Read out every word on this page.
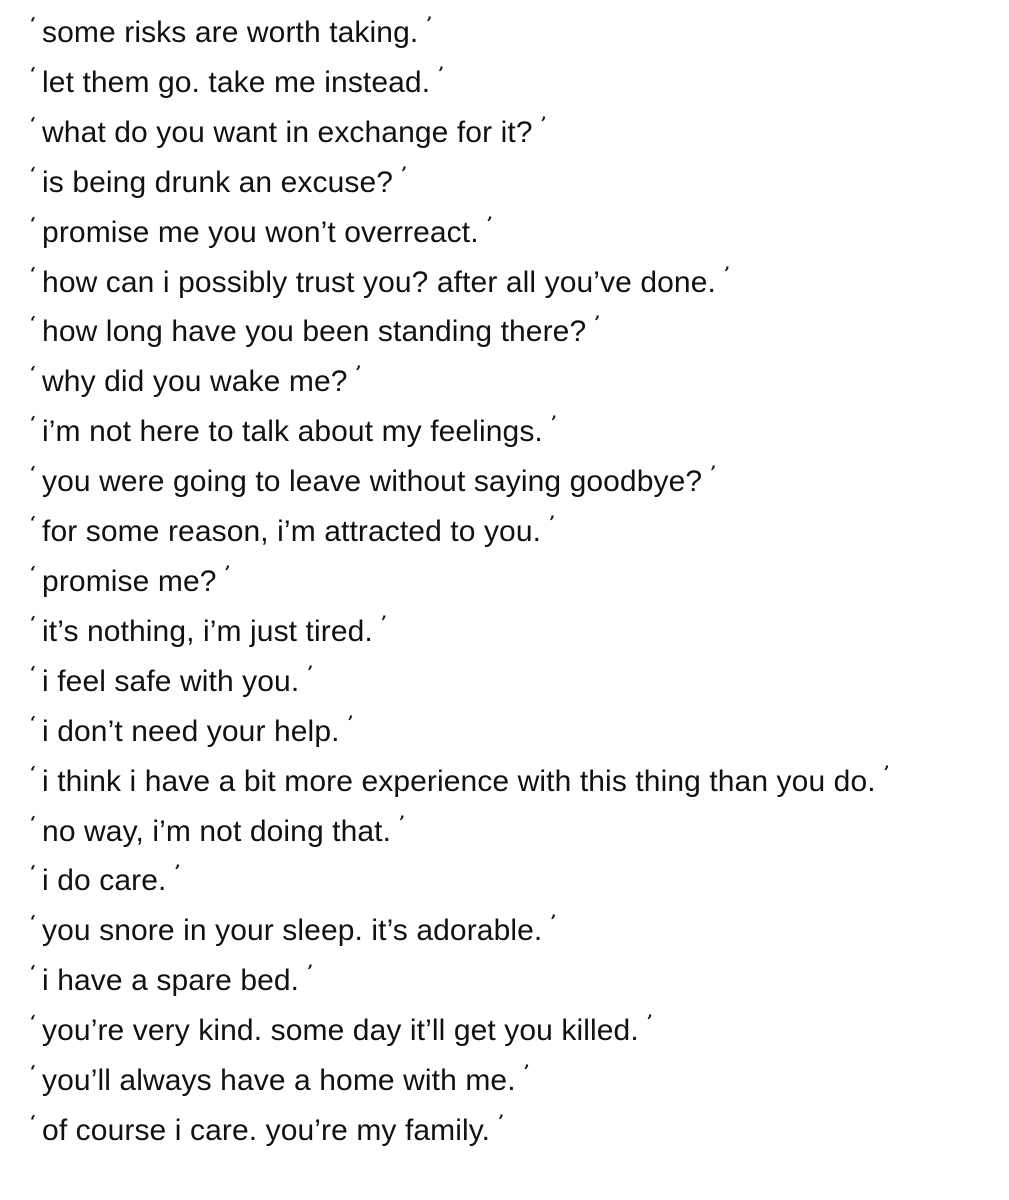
‘ some risks are worth taking. ’
‘ let them go. take me instead. ’
‘ what do you want in exchange for it? ’
‘ is being drunk an excuse? ’
‘ promise me you won’t overreact. ’
‘ how can i possibly trust you? after all you’ve done. ’
‘ how long have you been standing there? ’
‘ why did you wake me? ’
‘ i’m not here to talk about my feelings. ’
‘ you were going to leave without saying goodbye? ’
‘ for some reason, i’m attracted to you. ’
‘ promise me? ’
‘ it’s nothing, i’m just tired. ’
‘ i feel safe with you. ’
‘ i don’t need your help. ’
‘ i think i have a bit more experience with this thing than you do. ’
‘ no way, i’m not doing that. ’
‘ i do care. ’
‘ you snore in your sleep. it’s adorable. ’
‘ i have a spare bed. ’
‘ you’re very kind. some day it’ll get you killed. ’
‘ you’ll always have a home with me. ’
‘ of course i care. you’re my family. ’
